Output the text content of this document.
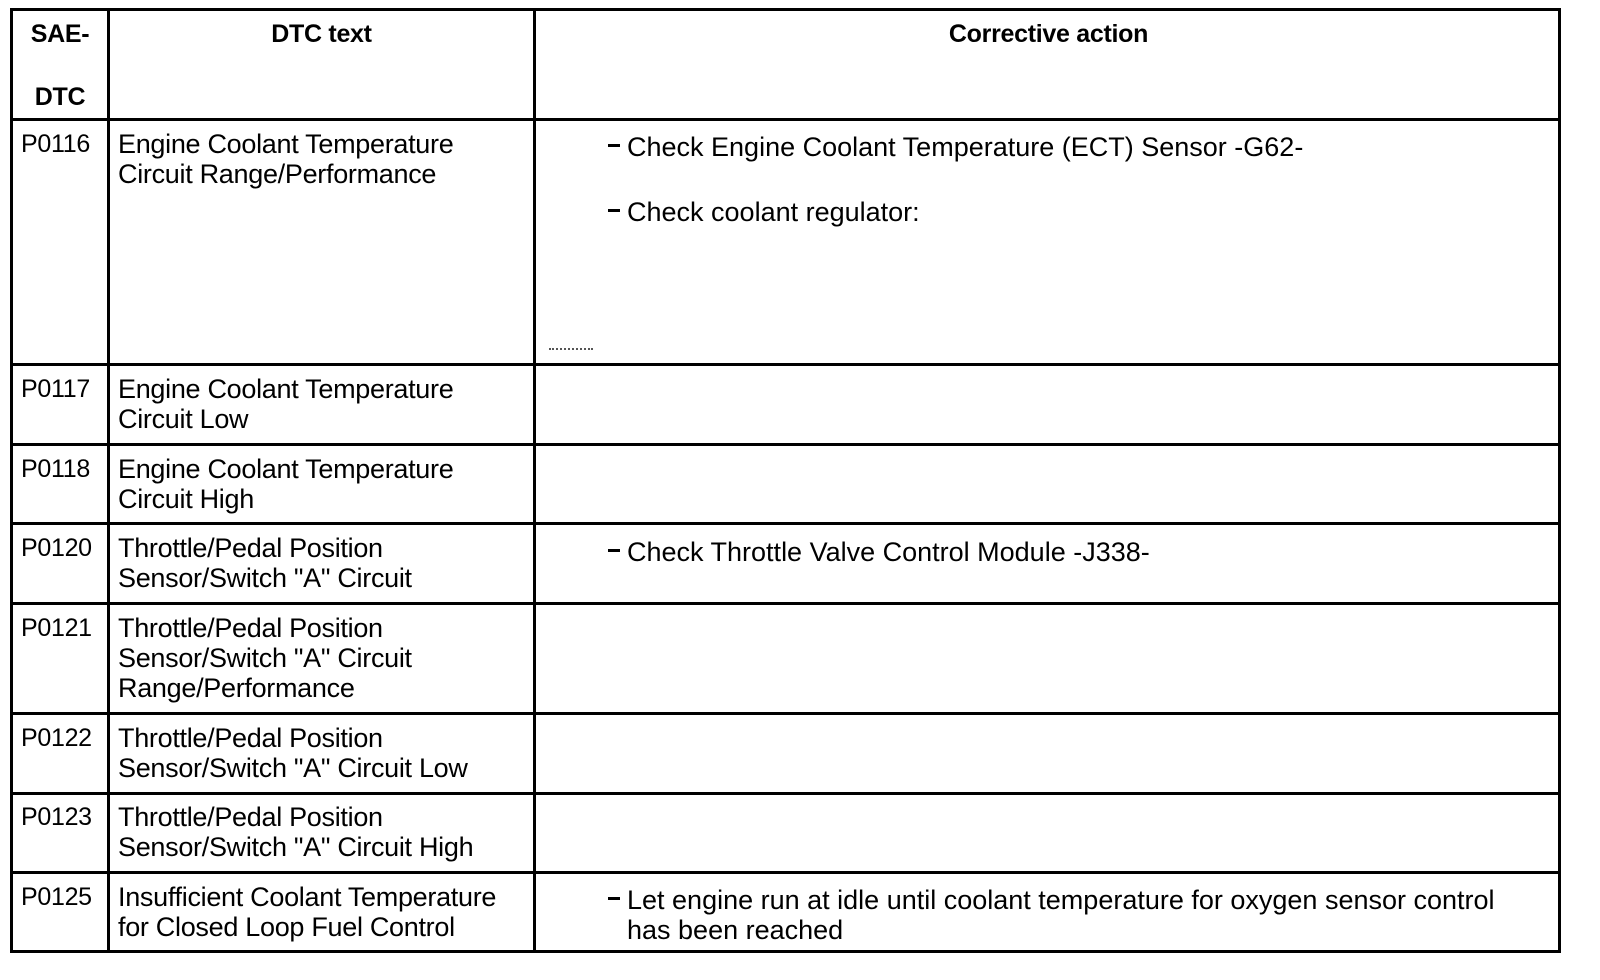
SAE-
DTC
DTC text	Corrective action
P0116 Engine Coolant Temperature
Circuit Range/Performance
Check Engine Coolant Temperature (ECT) Sensor -G62-
Check coolant regulator:
P0117 Engine Coolant Temperature
Circuit Low
P0118 Engine Coolant Temperature
Circuit High
P0120 Throttle/Pedal Position
Sensor/Switch "A" Circuit
Check Throttle Valve Control Module -J338-
P0121 Throttle/Pedal Position
Sensor/Switch "A" Circuit
Range/Performance
P0122 Throttle/Pedal Position
Sensor/Switch "A" Circuit Low
P0123 Throttle/Pedal Position
Sensor/Switch "A" Circuit High
P0125 Insufficient Coolant Temperature
for Closed Loop Fuel Control
Let engine run at idle until coolant temperature for oxygen sensor control
has been reached
